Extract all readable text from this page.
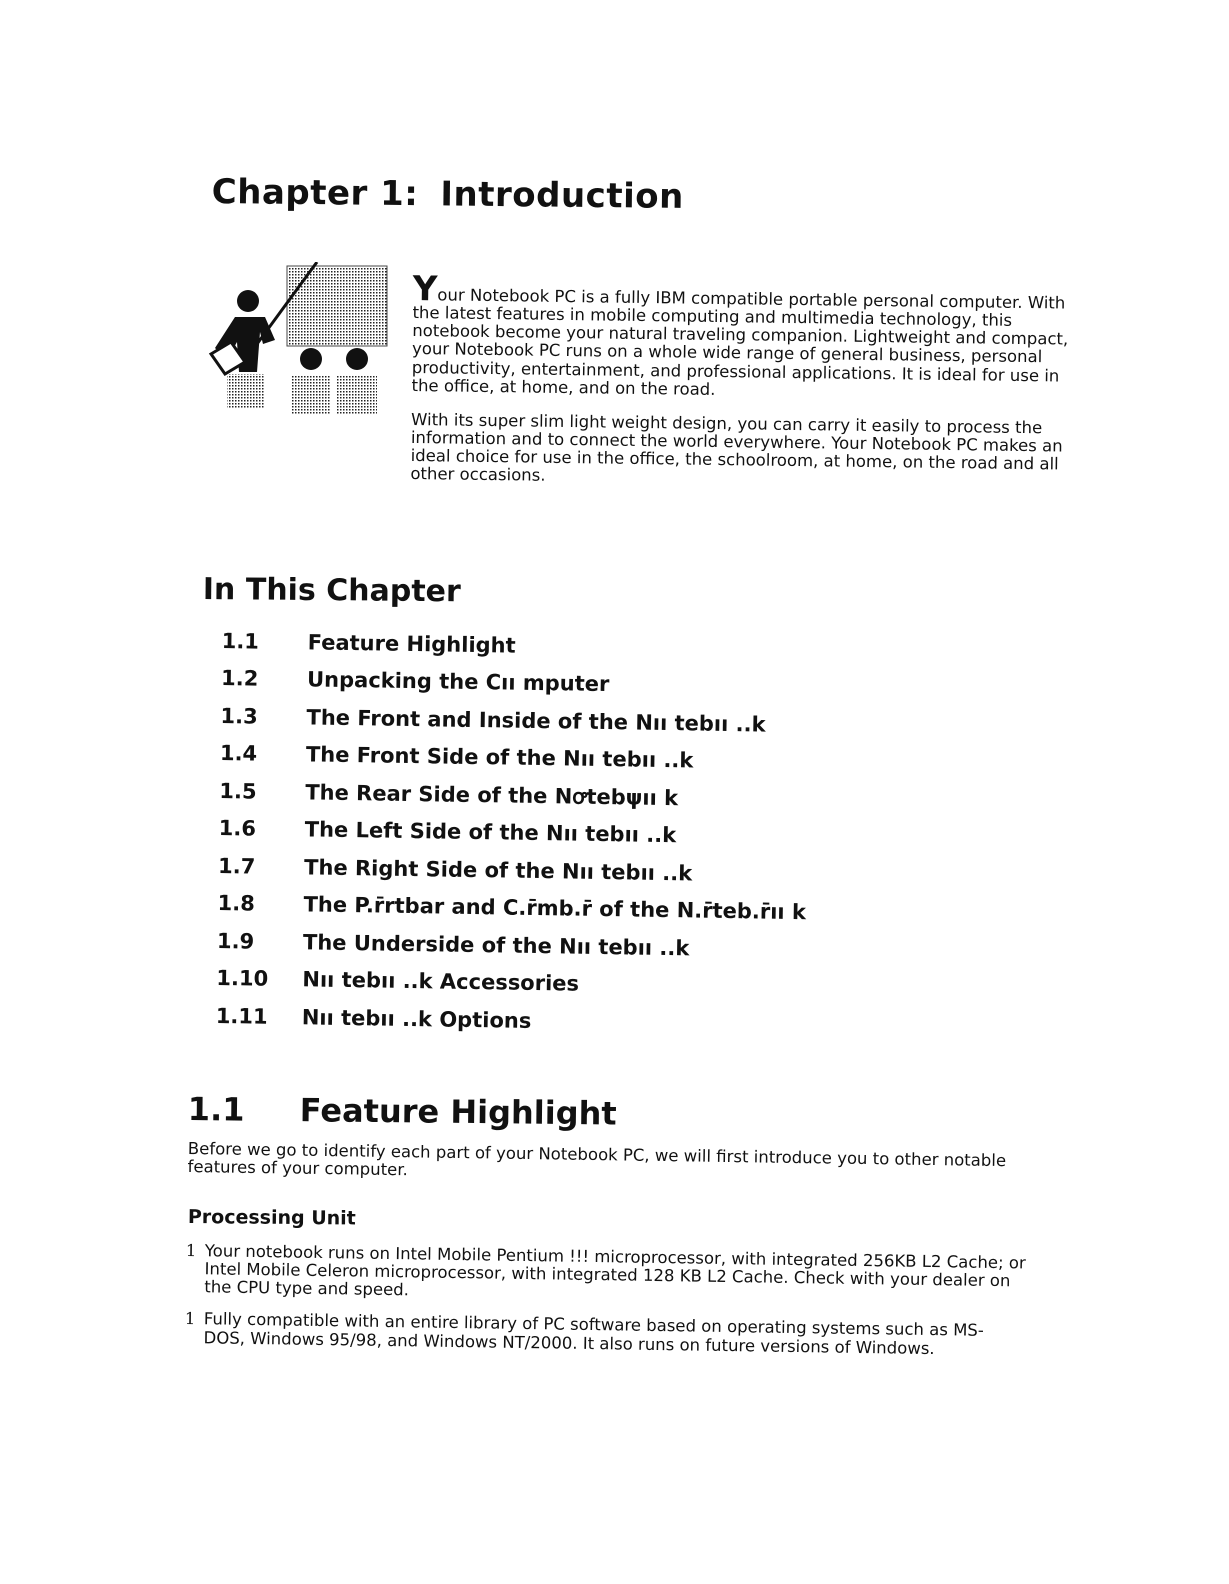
Chapter 1: Introduction

Your Notebook PC is a fully IBM compatible portable personal computer. With the latest features in mobile computing and multimedia technology, this notebook become your natural traveling companion. Lightweight and compact, your Notebook PC runs on a whole wide range of general business, personal productivity, entertainment, and professional applications. It is ideal for use in the office, at home, and on the road.

With its super slim light weight design, you can carry it easily to process the information and to connect the world everywhere. Your Notebook PC makes an ideal choice for use in the office, the schoolroom, at home, on the road and all other occasions.

In This Chapter
1.1	Feature Highlight
1.2	Unpacking the Cıı mputer
1.3	The Front and Inside of the Nıı tebıı ..k
1.4	The Front Side of the Nıı tebıı ..k
1.5	The Rear Side of the Nꝍtebψıı k
1.6	The Left Side of the Nıı tebıı ..k
1.7	The Right Side of the Nıı tebıı ..k
1.8	The P.r̄rtbar and C.r̄mb.r̄ of the N.r̄teb.r̄ıı k
1.9	The Underside of the Nıı tebıı ..k
1.10	Nıı tebıı ..k Accessories
1.11	Nıı tebıı ..k Options
1.1 Feature Highlight

Before we go to identify each part of your Notebook PC, we will first introduce you to other notable features of your computer.

Processing Unit
1 Your notebook runs on Intel Mobile Pentium !!! microprocessor, with integrated 256KB L2 Cache; or Intel Mobile Celeron microprocessor, with integrated 128 KB L2 Cache. Check with your dealer on the CPU type and speed.
1 Fully compatible with an entire library of PC software based on operating systems such as MS-DOS, Windows 95/98, and Windows NT/2000. It also runs on future versions of Windows.
